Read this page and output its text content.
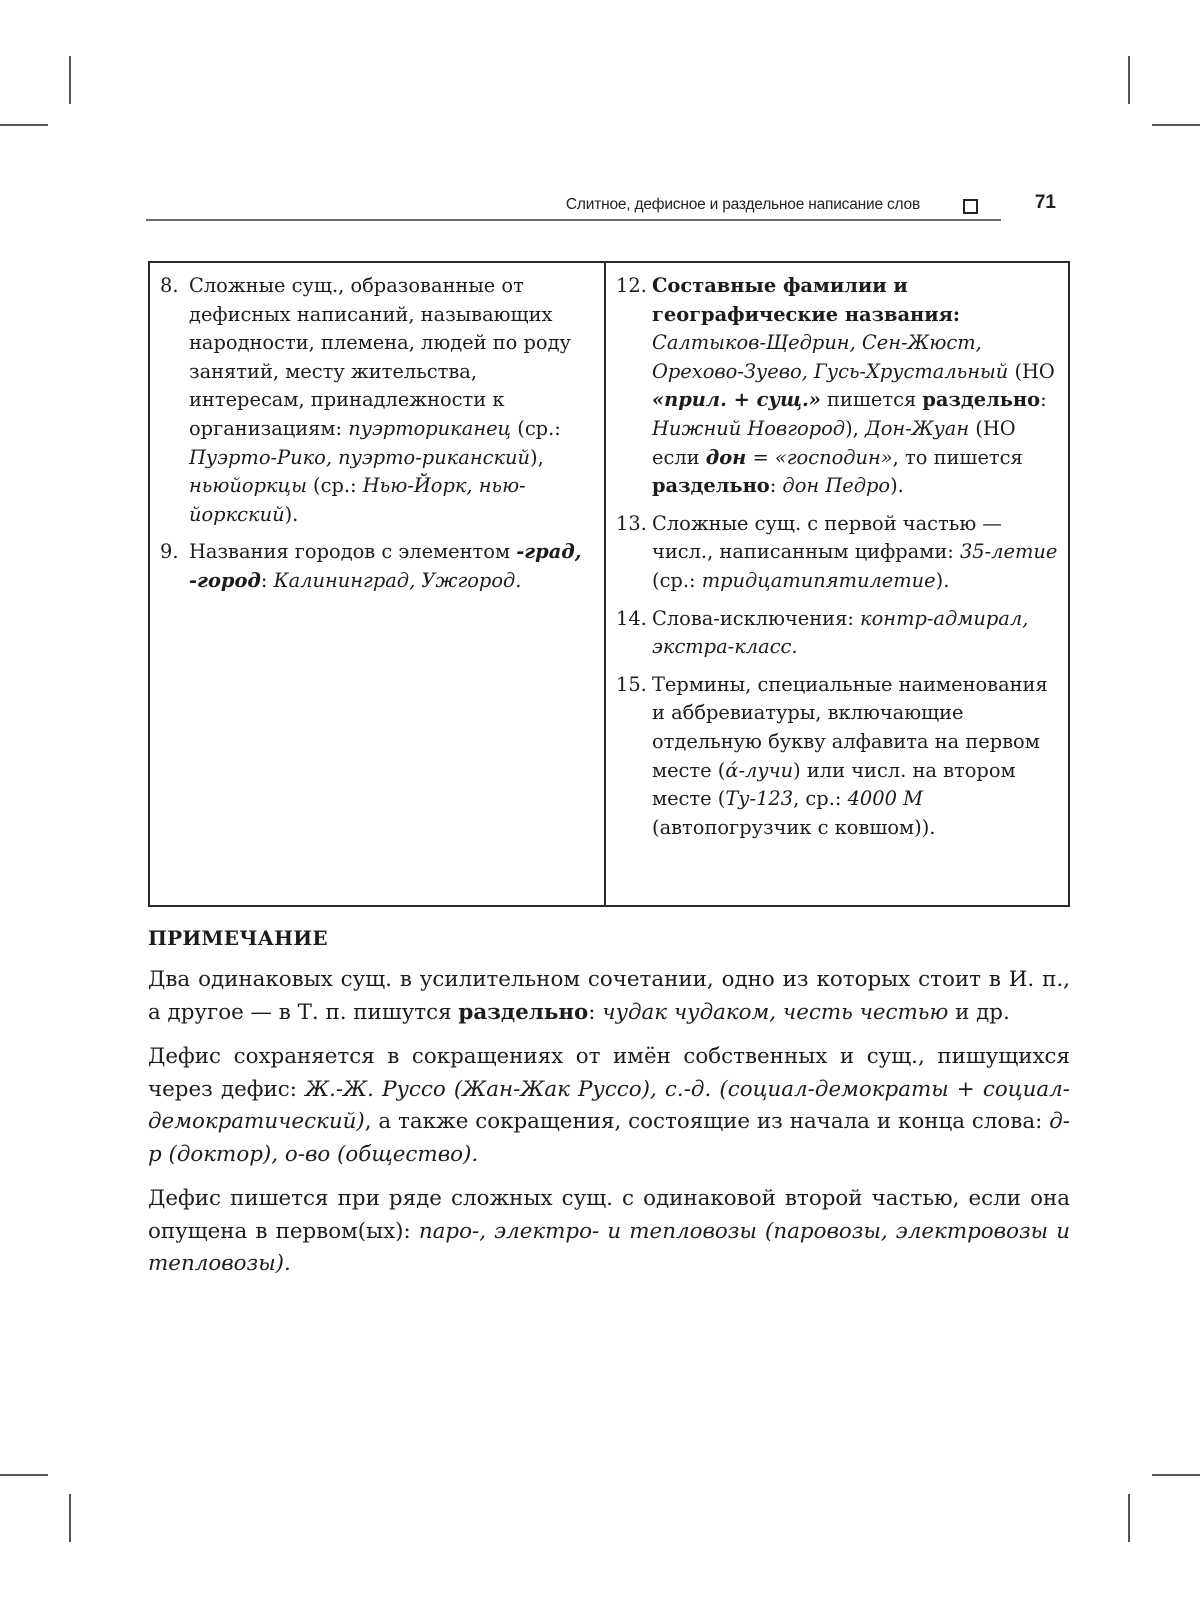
Слитное, дефисное и раздельное написание слов	71
8. Сложные сущ., образованные от дефисных написаний, называющих народности, племена, людей по роду занятий, месту жительства, интересам, принадлежности к организациям: пуэрториканец (ср.: Пуэрто-Рико, пуэрто-риканский), ньюйоркцы (ср.: Нью-Йорк, нью-йоркский).
9. Названия городов с элементом -град, -город: Калининград, Ужгород.
12. Составные фамилии и географические названия:
Салтыков-Щедрин, Сен-Жюст, Орехово-Зуево, Гусь-Хрустальный (НО «прил. + сущ.» пишется раздельно: Нижний Новгород), Дон-Жуан (НО если дон = «господин», то пишется раздельно: дон Педро).
13. Сложные сущ. с первой частью — числ., написанным цифрами: 35-летие (ср.: тридцатипятилетие).
14. Слова-исключения: контр-адмирал, экстра-класс.
15. Термины, специальные наименования и аббревиатуры, включающие отдельную букву алфавита на первом месте (ά-лучи) или числ. на втором месте (Ту-123, ср.: 4000 М (автопогрузчик с ковшом)).
ПРИМЕЧАНИЕ

Два одинаковых сущ. в усилительном сочетании, одно из которых стоит в И. п., а другое — в Т. п. пишутся раздельно: чудак чудаком, честь честью и др.

Дефис сохраняется в сокращениях от имён собственных и сущ., пишущихся через дефис: Ж.-Ж. Руссо (Жан-Жак Руссо), с.-д. (социал-демократы + социал-демократический), а также сокращения, состоящие из начала и конца слова: д-р (доктор), о-во (общество).

Дефис пишется при ряде сложных сущ. с одинаковой второй частью, если она опущена в первом(ых): паро-, электро- и тепловозы (паровозы, электровозы и тепловозы).
